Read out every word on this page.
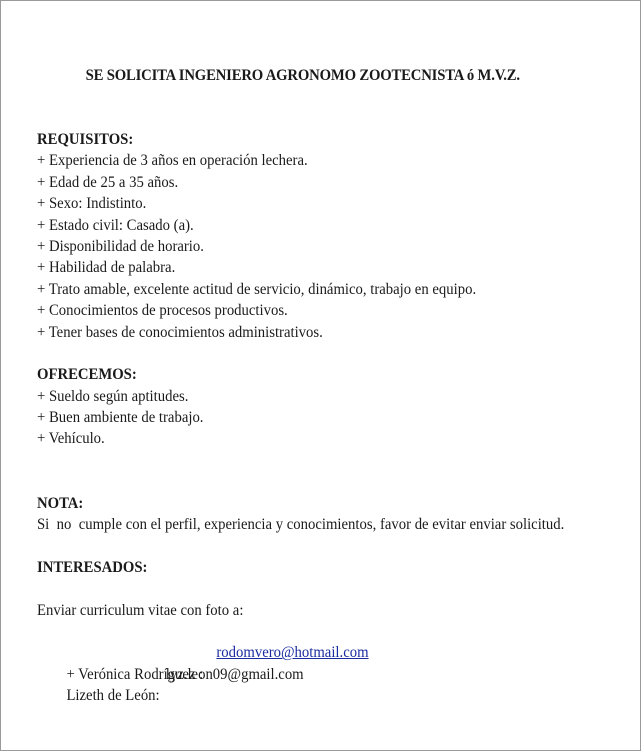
SE SOLICITA INGENIERO AGRONOMO ZOOTECNISTA ó M.V.Z.
REQUISITOS:
+ Experiencia de 3 años en operación lechera.
+ Edad de 25 a 35 años.
+ Sexo: Indistinto.
+ Estado civil: Casado (a).
+ Disponibilidad de horario.
+ Habilidad de palabra.
+ Trato amable, excelente actitud de servicio, dinámico, trabajo en equipo.
+ Conocimientos de procesos productivos.
+ Tener bases de conocimientos administrativos.
OFRECEMOS:
+ Sueldo según aptitudes.
+ Buen ambiente de trabajo.
+ Vehículo.
NOTA:
Si  no  cumple con el perfil, experiencia y conocimientos, favor de evitar enviar solicitud.
INTERESADOS:
Enviar curriculum vitae con foto a:

+ Verónica Rodríguez :

rodomvero@hotmail.com

Lizeth de León:

lyz.leon09@gmail.com
